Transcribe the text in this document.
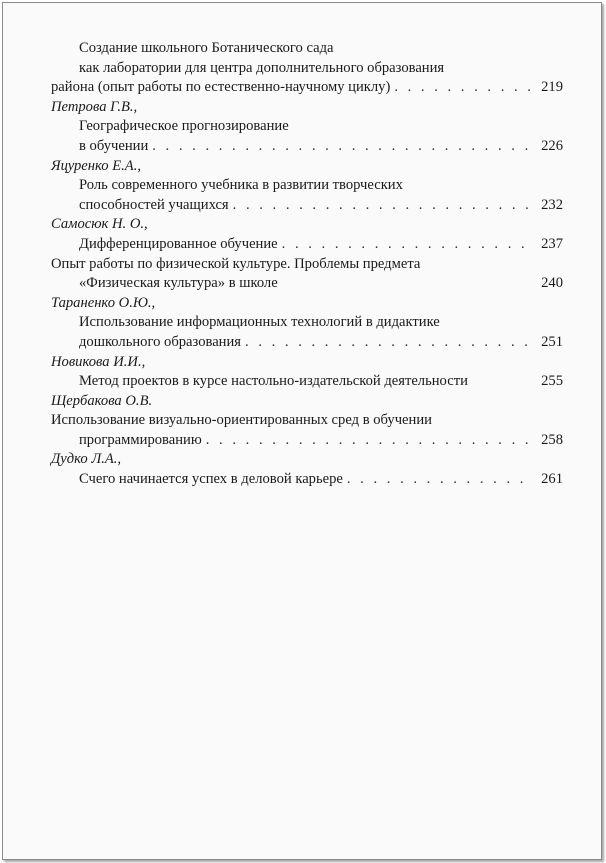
Создание школьного Ботанического сада
как лаборатории для центра дополнительного образования
района (опыт работы по естественно-научному циклу) . . .	219
Петрова Г.В.,
Географическое прогнозирование
в обучении . . .	226
Яцуренко Е.А.,
Роль современного учебника в развитии творческих
способностей учащихся . . .	232
Самосюк Н. О.,
Дифференцированное обучение . . .	237
Опыт работы по физической культуре. Проблемы предмета
«Физическая культура» в школе	240
Тараненко О.Ю.,
Использование информационных технологий в дидактике
дошкольного образования . . .	251
Новикова И.И.,
Метод проектов в курсе настольно-издательской деятельности	255
Щербакова О.В.
Использование визуально-ориентированных сред в обучении
программированию . . .	258
Дудко Л.А.,
Счего начинается успех в деловой карьере . . .	261
